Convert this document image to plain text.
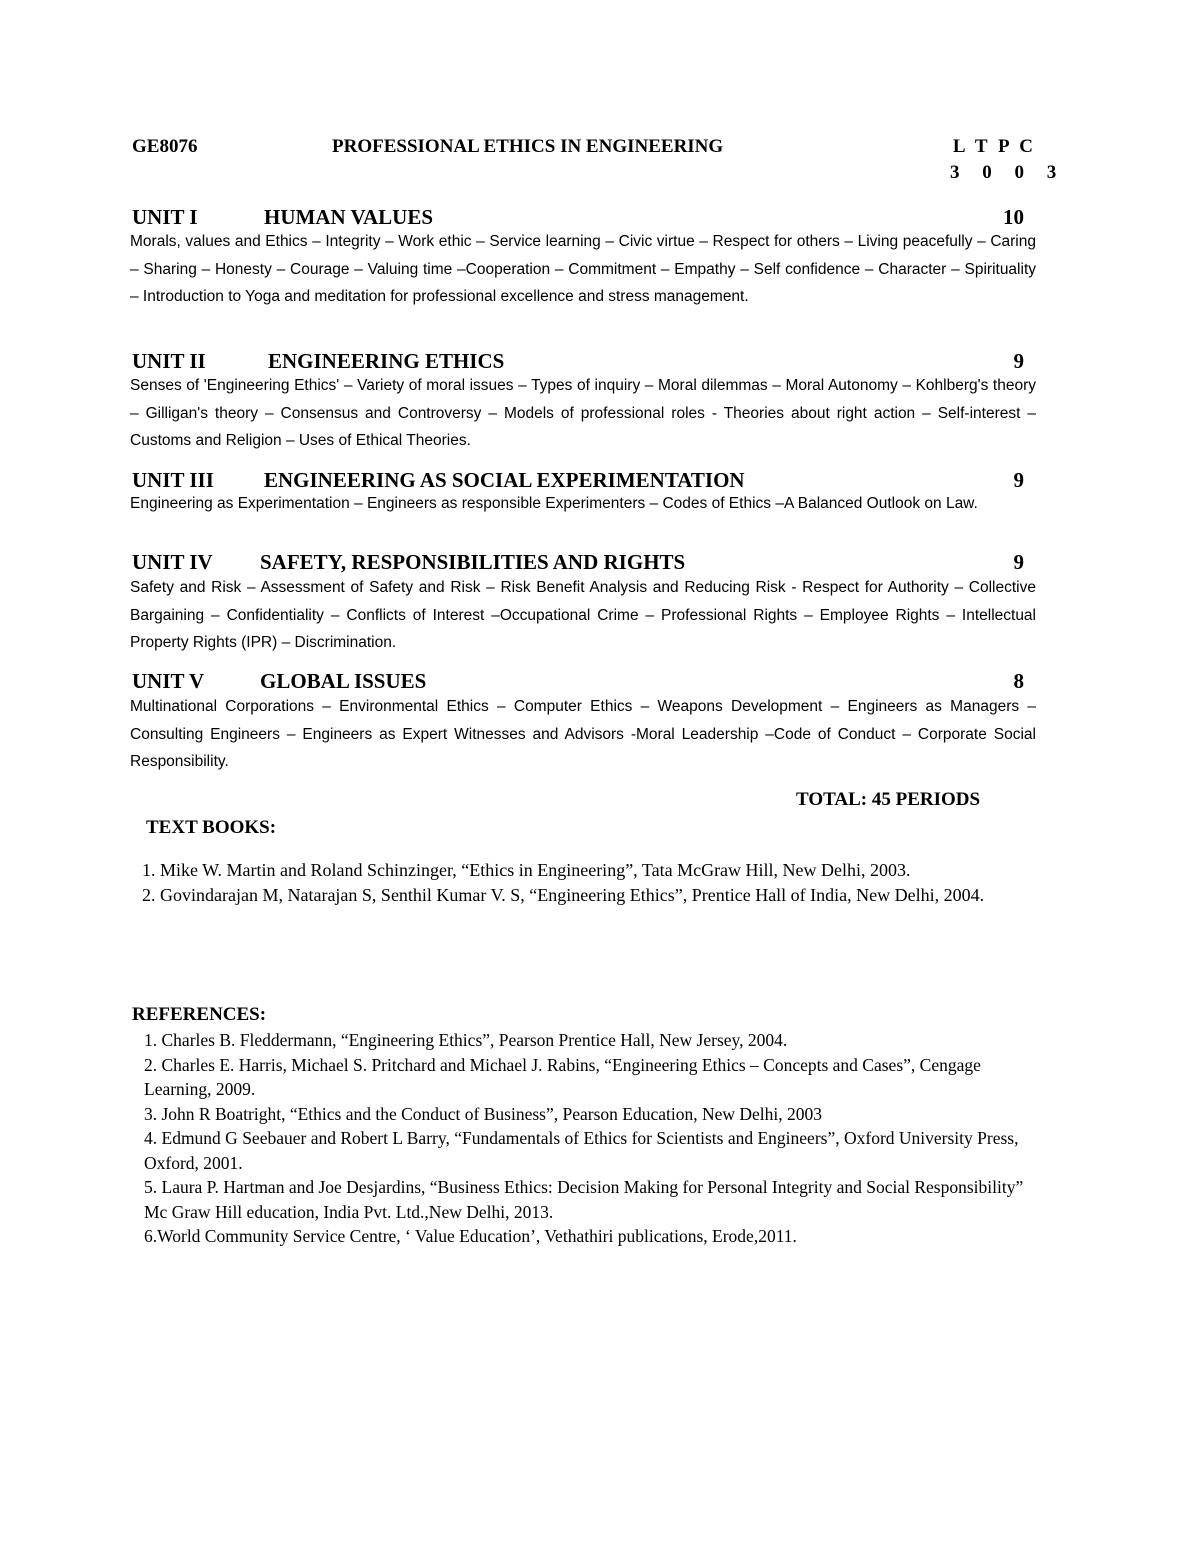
GE8076	PROFESSIONAL ETHICS IN ENGINEERING	L T P C
3 0 0 3
UNIT I	HUMAN VALUES	10
Morals, values and Ethics – Integrity – Work ethic – Service learning – Civic virtue – Respect for others – Living peacefully – Caring – Sharing – Honesty – Courage – Valuing time –Cooperation – Commitment – Empathy – Self confidence – Character – Spirituality – Introduction to Yoga and meditation for professional excellence and stress management.
UNIT II	ENGINEERING ETHICS	9
Senses of 'Engineering Ethics' – Variety of moral issues – Types of inquiry – Moral dilemmas – Moral Autonomy – Kohlberg's theory – Gilligan's theory – Consensus and Controversy – Models of professional roles - Theories about right action – Self-interest – Customs and Religion – Uses of Ethical Theories.
UNIT III ENGINEERING AS SOCIAL EXPERIMENTATION	9
Engineering as Experimentation – Engineers as responsible Experimenters – Codes of Ethics –A Balanced Outlook on Law.
UNIT IV SAFETY, RESPONSIBILITIES AND RIGHTS	9
Safety and Risk – Assessment of Safety and Risk – Risk Benefit Analysis and Reducing Risk - Respect for Authority – Collective Bargaining – Confidentiality – Conflicts of Interest –Occupational Crime – Professional Rights – Employee Rights – Intellectual Property Rights (IPR) – Discrimination.
UNIT V	GLOBAL ISSUES	8
Multinational Corporations – Environmental Ethics – Computer Ethics – Weapons Development – Engineers as Managers – Consulting Engineers – Engineers as Expert Witnesses and Advisors -Moral Leadership –Code of Conduct – Corporate Social Responsibility.
TOTAL: 45 PERIODS
TEXT BOOKS:

1. Mike W. Martin and Roland Schinzinger, “Ethics in Engineering”, Tata McGraw Hill, New Delhi, 2003.

2. Govindarajan M, Natarajan S, Senthil Kumar V. S, “Engineering Ethics”, Prentice Hall of India, New Delhi, 2004.

REFERENCES:

1. Charles B. Fleddermann, “Engineering Ethics”, Pearson Prentice Hall, New Jersey, 2004.

2. Charles E. Harris, Michael S. Pritchard and Michael J. Rabins, “Engineering Ethics – Concepts and Cases”, Cengage Learning, 2009.

3. John R Boatright, “Ethics and the Conduct of Business”, Pearson Education, New Delhi, 2003

4. Edmund G Seebauer and Robert L Barry, “Fundamentals of Ethics for Scientists and Engineers”, Oxford University Press, Oxford, 2001.

5. Laura P. Hartman and Joe Desjardins, “Business Ethics: Decision Making for Personal Integrity and Social Responsibility” Mc Graw Hill education, India Pvt. Ltd.,New Delhi, 2013.

6.World Community Service Centre, ‘ Value Education’, Vethathiri publications, Erode,2011.
